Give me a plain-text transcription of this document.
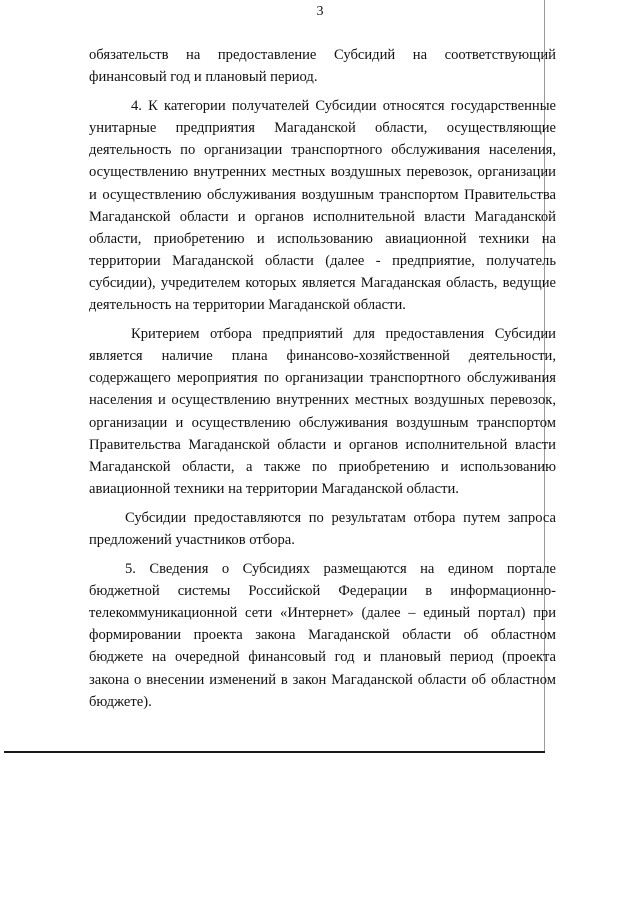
3

обязательств на предоставление Субсидий на соответствующий финансовый год и плановый период.

4. К категории получателей Субсидии относятся государственные унитарные предприятия Магаданской области, осуществляющие деятельность по организации транспортного обслуживания населения, осуществлению внутренних местных воздушных перевозок, организации и осуществлению обслуживания воздушным транспортом Правительства Магаданской области и органов исполнительной власти Магаданской области, приобретению и использованию авиационной техники на территории Магаданской области (далее - предприятие, получатель субсидии), учредителем которых является Магаданская область, ведущие деятельность на территории Магаданской области.

Критерием отбора предприятий для предоставления Субсидии является наличие плана финансово-хозяйственной деятельности, содержащего мероприятия по организации транспортного обслуживания населения и осуществлению внутренних местных воздушных перевозок, организации и осуществлению обслуживания воздушным транспортом Правительства Магаданской области и органов исполнительной власти Магаданской области, а также по приобретению и использованию авиационной техники на территории Магаданской области.

Субсидии предоставляются по результатам отбора путем запроса предложений участников отбора.

5. Сведения о Субсидиях размещаются на едином портале бюджетной системы Российской Федерации в информационно-телекоммуникационной сети «Интернет» (далее – единый портал) при формировании проекта закона Магаданской области об областном бюджете на очередной финансовый год и плановый период (проекта закона о внесении изменений в закон Магаданской области об областном бюджете).
